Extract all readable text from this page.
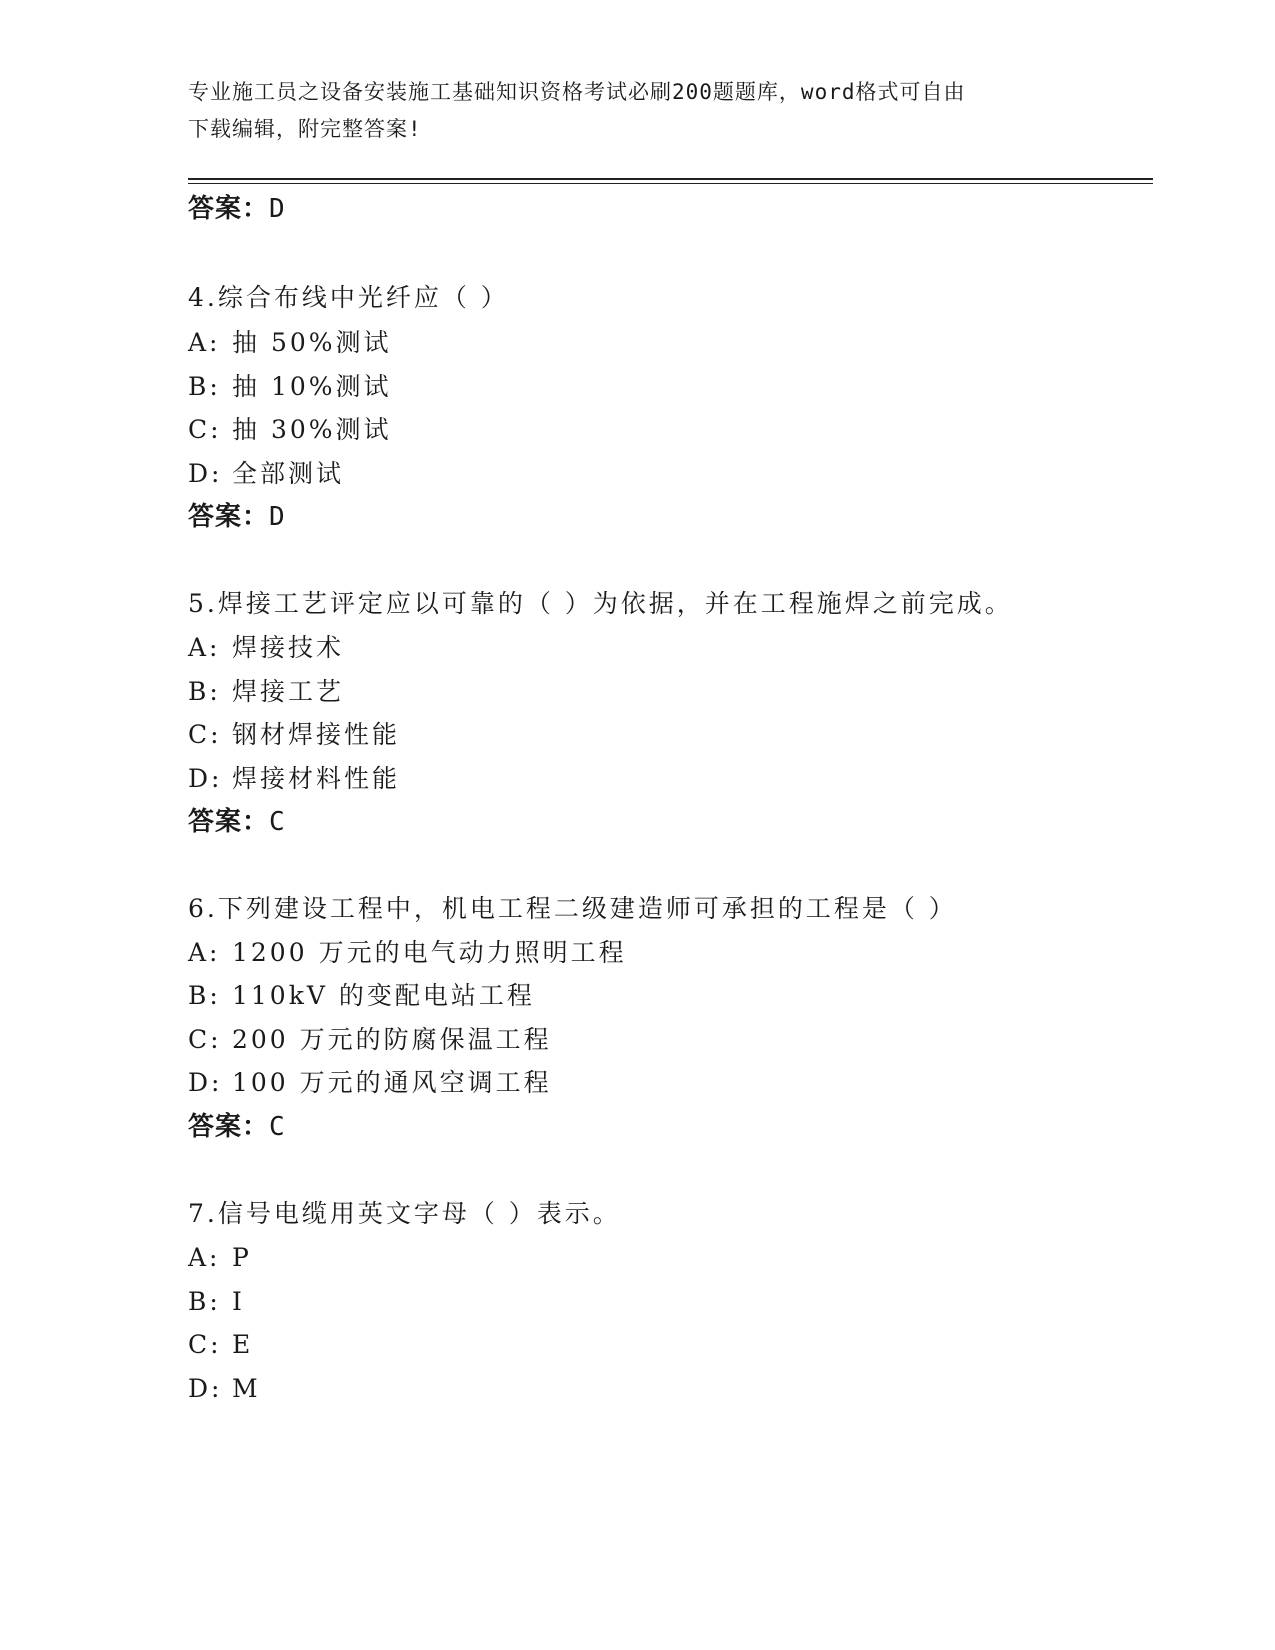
专业施工员之设备安装施工基础知识资格考试必刷200题题库，word格式可自由
下载编辑，附完整答案!
答案：D
4.综合布线中光纤应（ ）
A: 抽 50%测试
B: 抽 10%测试
C: 抽 30%测试
D: 全部测试
答案：D
5.焊接工艺评定应以可靠的（ ）为依据，并在工程施焊之前完成。
A: 焊接技术
B: 焊接工艺
C: 钢材焊接性能
D: 焊接材料性能
答案：C
6.下列建设工程中，机电工程二级建造师可承担的工程是（ ）
A: 1200 万元的电气动力照明工程
B: 110kV 的变配电站工程
C: 200 万元的防腐保温工程
D: 100 万元的通风空调工程
答案：C
7.信号电缆用英文字母（ ）表示。
A: P
B: I
C: E
D: M
